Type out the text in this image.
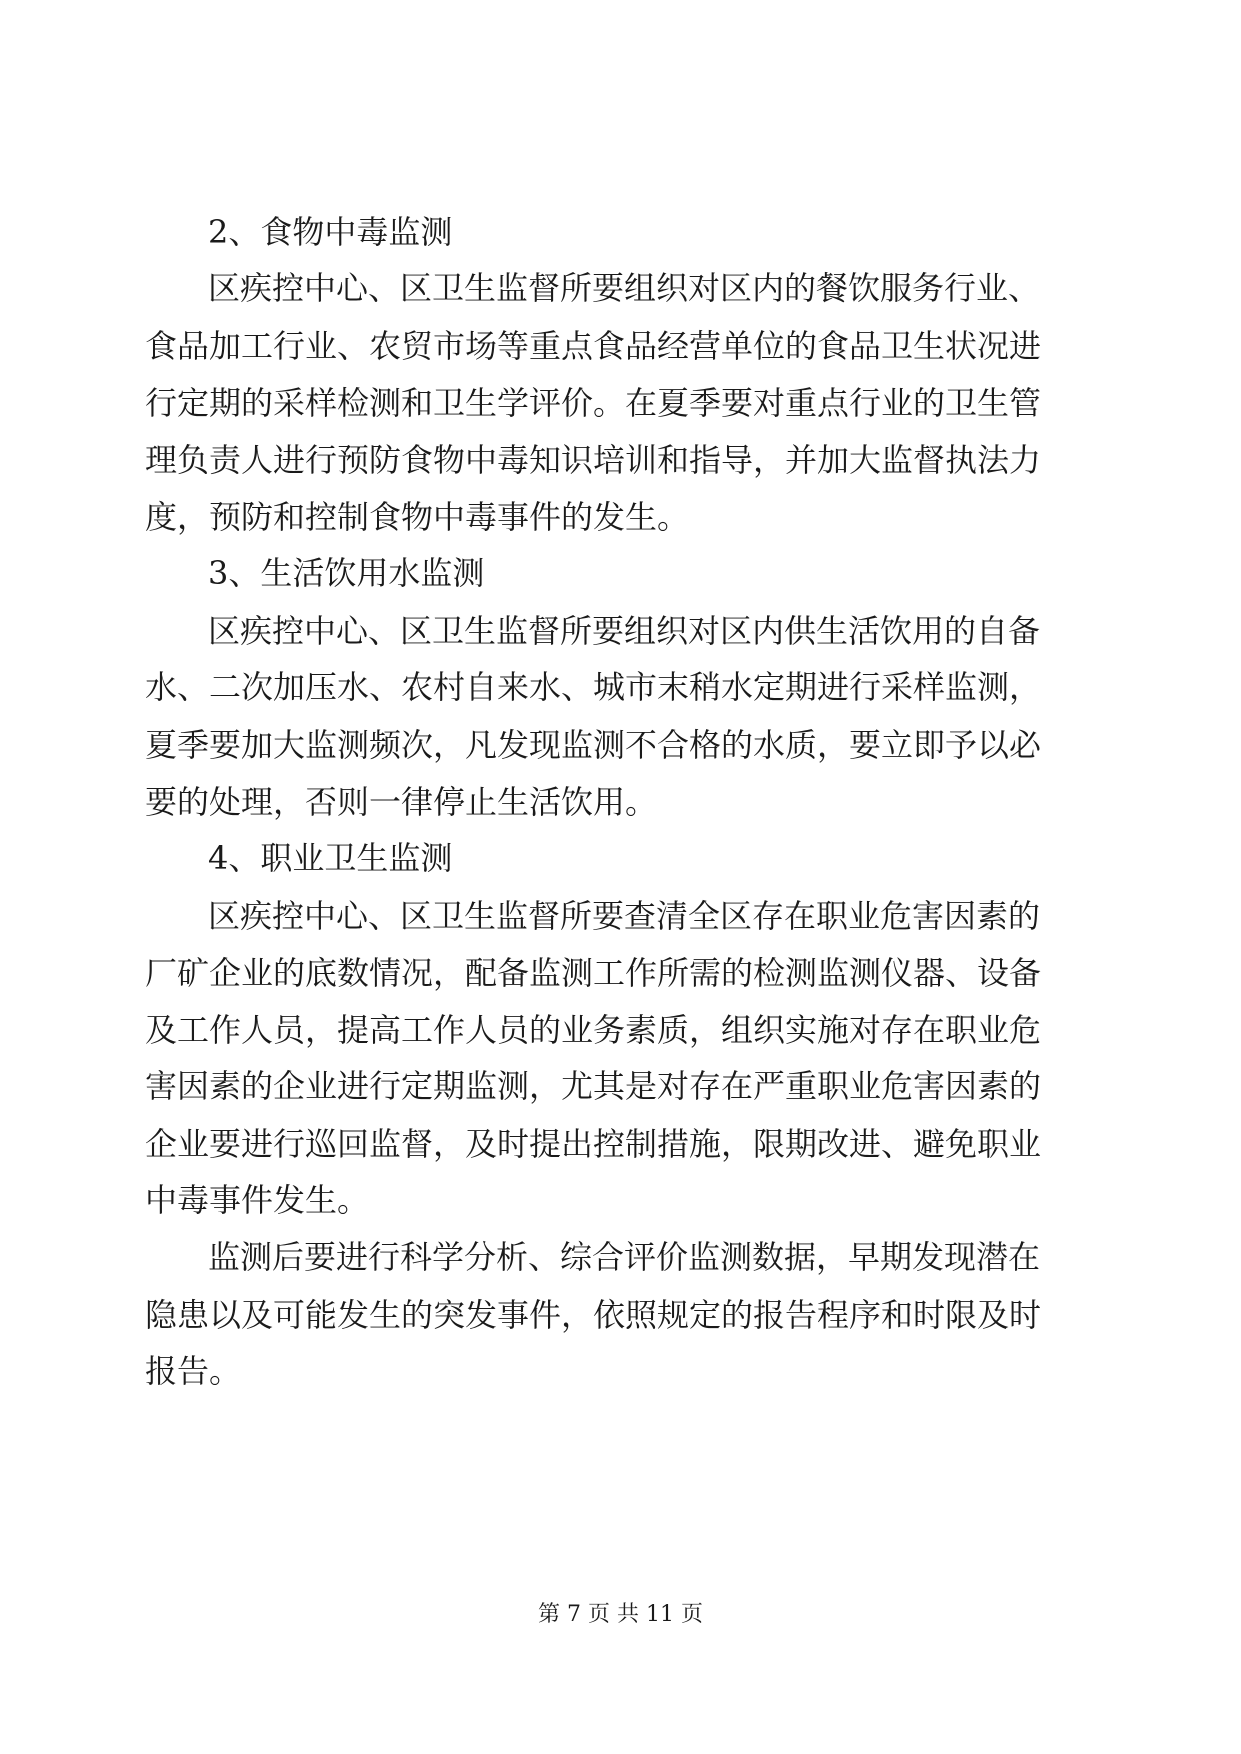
2、食物中毒监测
区疾控中心、区卫生监督所要组织对区内的餐饮服务行业、
食品加工行业、农贸市场等重点食品经营单位的食品卫生状况进
行定期的采样检测和卫生学评价。在夏季要对重点行业的卫生管
理负责人进行预防食物中毒知识培训和指导，并加大监督执法力
度，预防和控制食物中毒事件的发生。
3、生活饮用水监测
区疾控中心、区卫生监督所要组织对区内供生活饮用的自备
水、二次加压水、农村自来水、城市末稍水定期进行采样监测，
夏季要加大监测频次，凡发现监测不合格的水质，要立即予以必
要的处理，否则一律停止生活饮用。
4、职业卫生监测
区疾控中心、区卫生监督所要查清全区存在职业危害因素的
厂矿企业的底数情况，配备监测工作所需的检测监测仪器、设备
及工作人员，提高工作人员的业务素质，组织实施对存在职业危
害因素的企业进行定期监测，尤其是对存在严重职业危害因素的
企业要进行巡回监督，及时提出控制措施，限期改进、避免职业
中毒事件发生。
监测后要进行科学分析、综合评价监测数据，早期发现潜在
隐患以及可能发生的突发事件，依照规定的报告程序和时限及时
报告。
第 7 页 共 11 页
